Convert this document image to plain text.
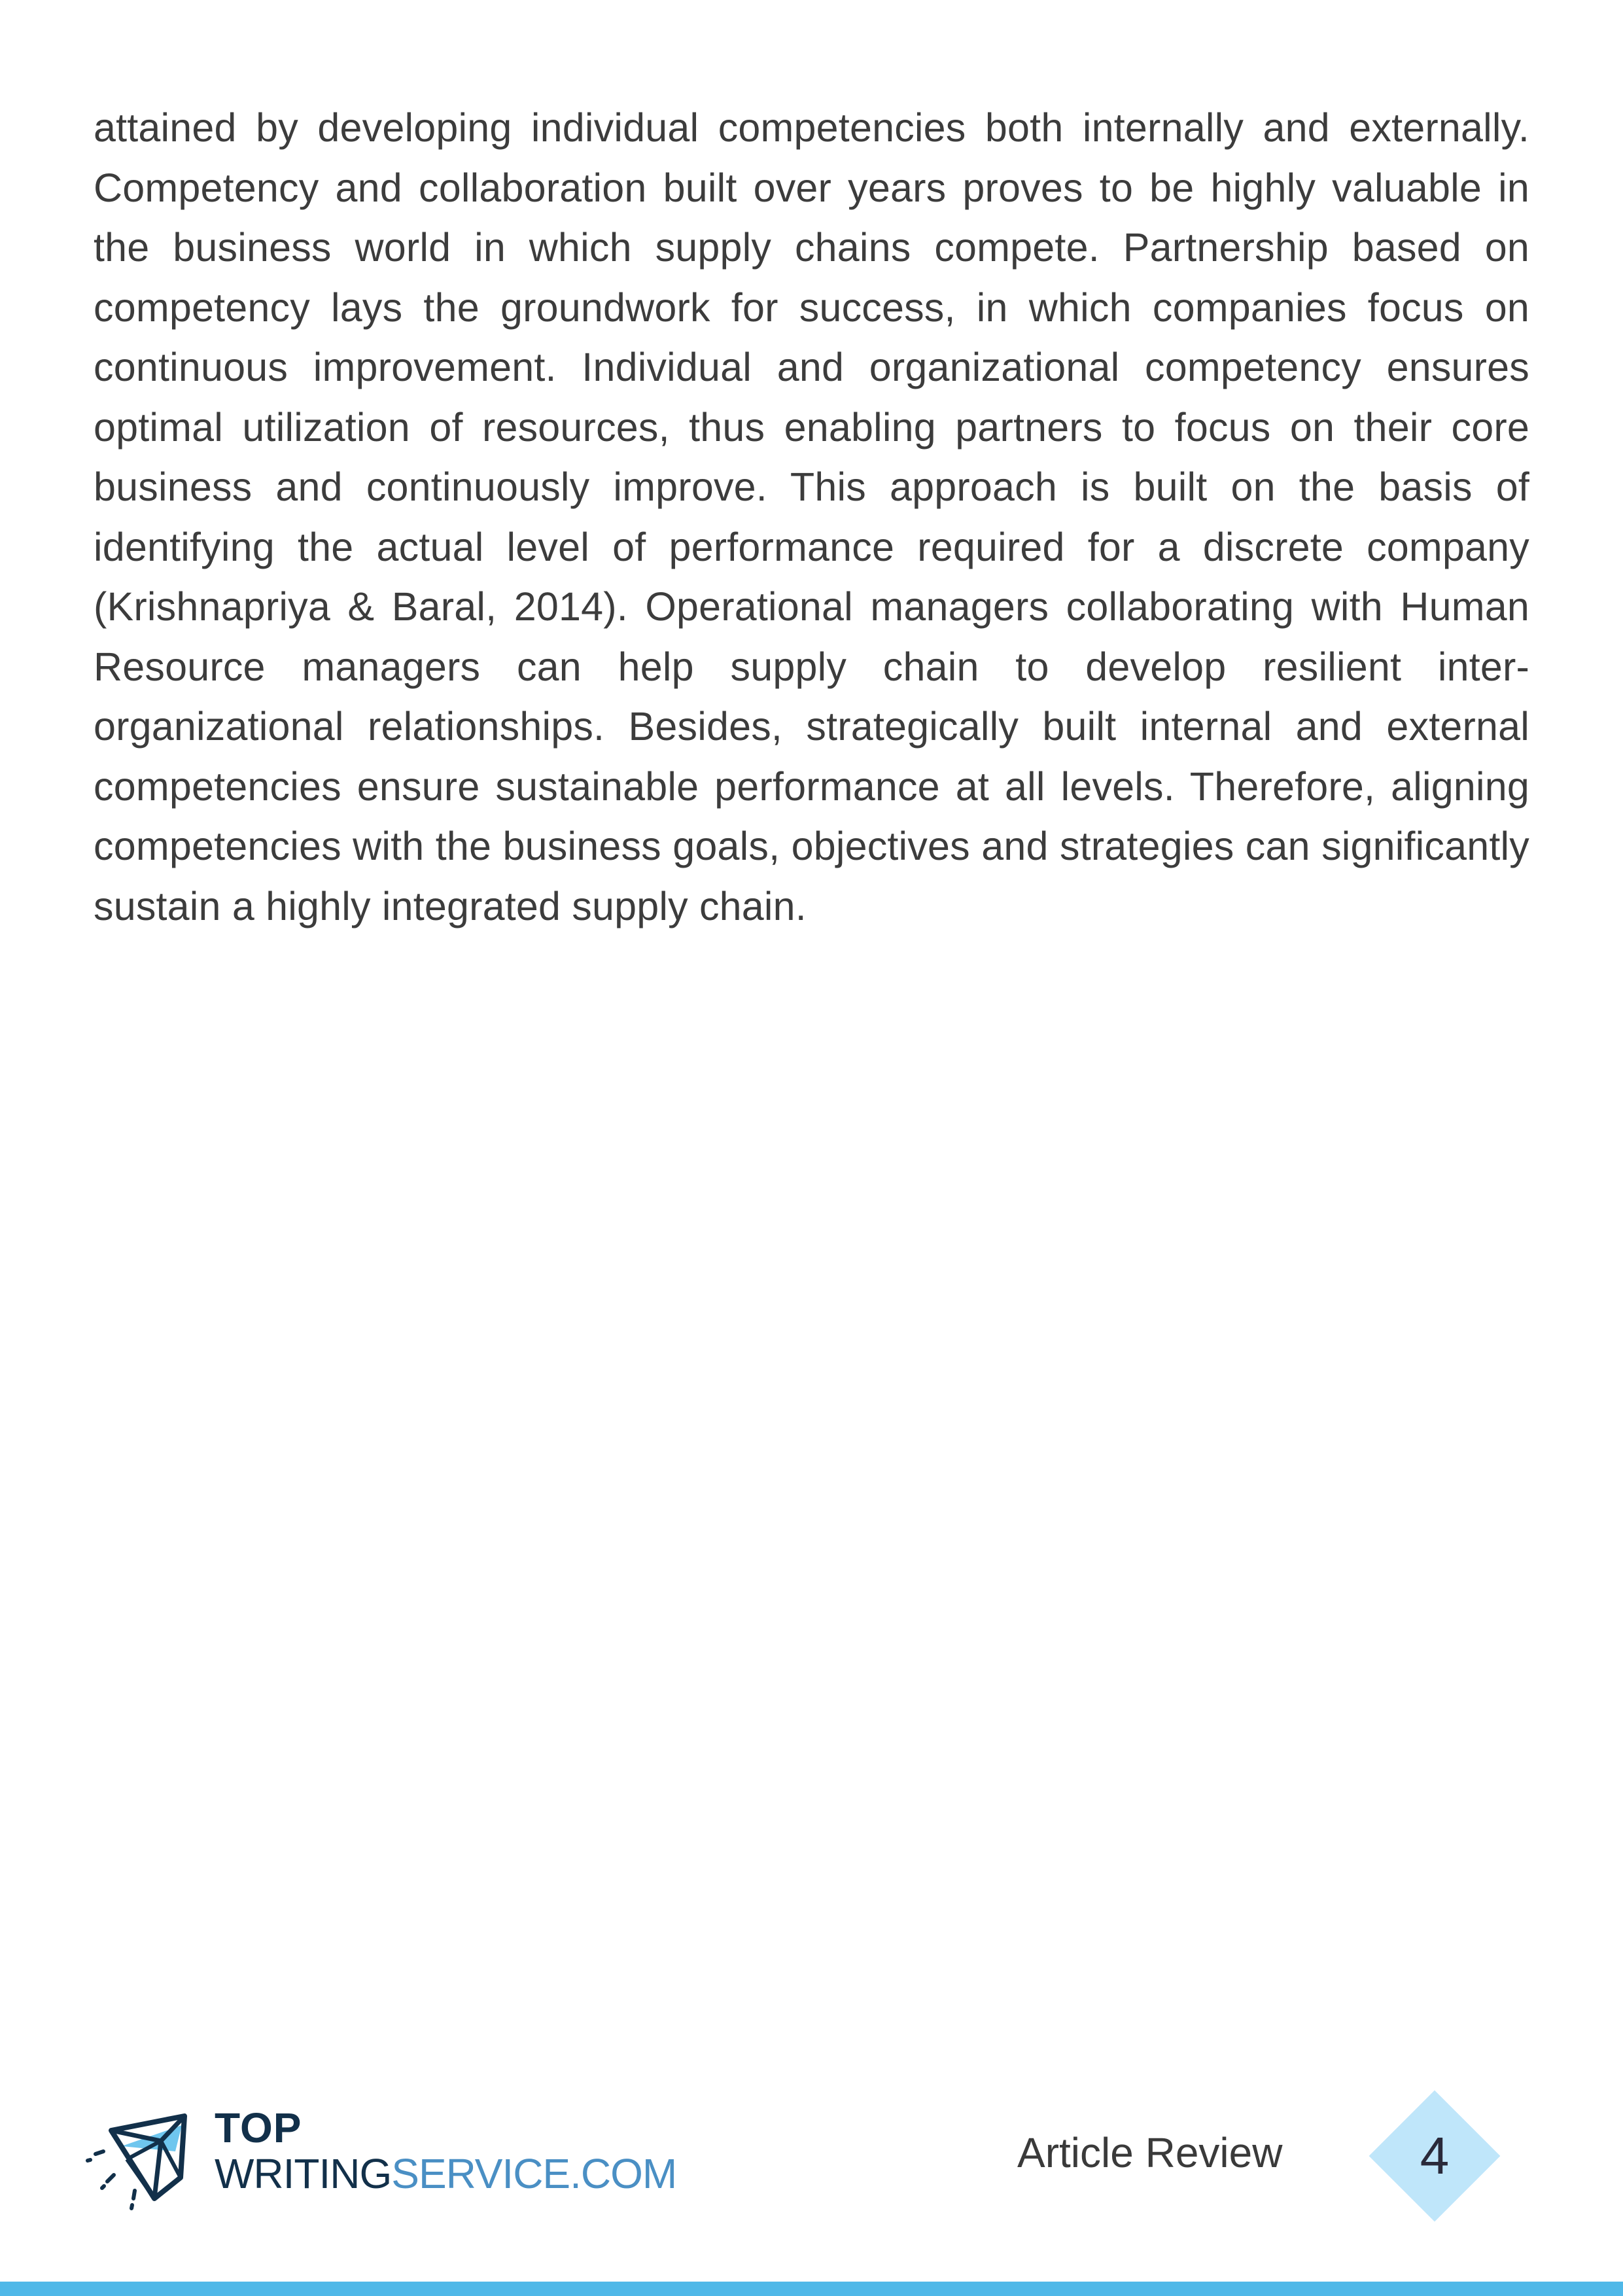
attained by developing individual competencies both internally and externally. Competency and collaboration built over years proves to be highly valuable in the business world in which supply chains compete. Partnership based on competency lays the groundwork for success, in which companies focus on continuous improvement. Individual and organizational competency ensures optimal utilization of resources, thus enabling partners to focus on their core business and continuously improve. This approach is built on the basis of identifying the actual level of performance required for a discrete company (Krishnapriya & Baral, 2014). Operational managers collaborating with Human Resource managers can help supply chain to develop resilient inter-organizational relationships. Besides, strategically built internal and external competencies ensure sustainable performance at all levels. Therefore, aligning competencies with the business goals, objectives and strategies can significantly sustain a highly integrated supply chain.

TOP
WRITINGSERVICE.COM	Article Review	4
